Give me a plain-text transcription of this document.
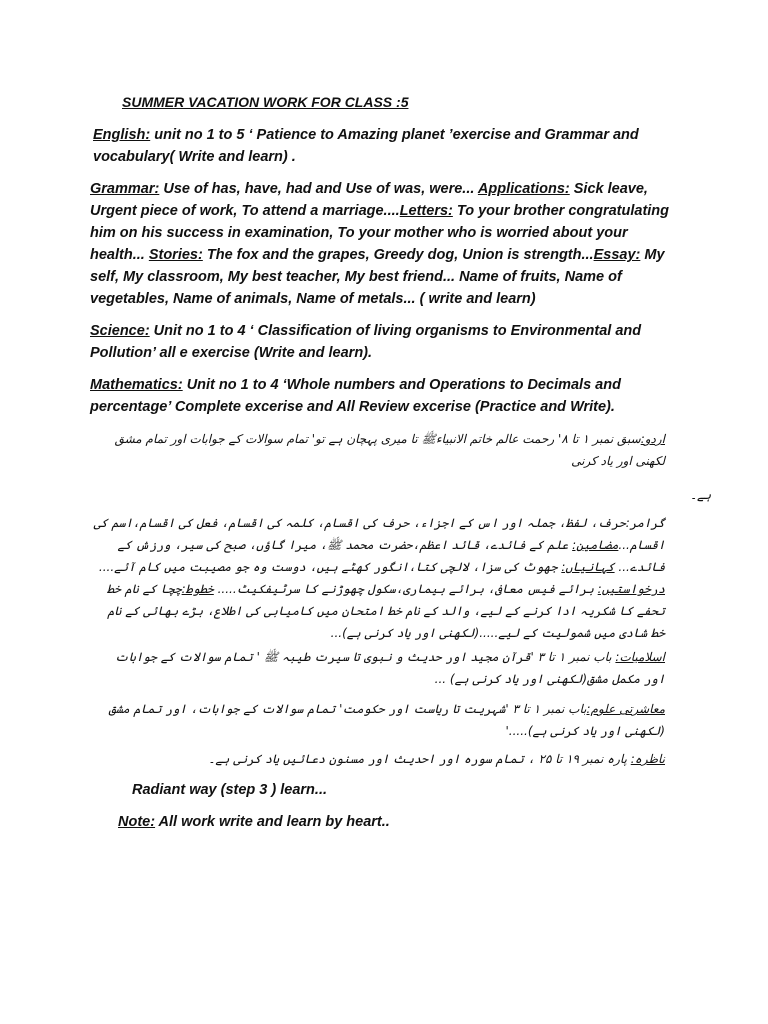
SUMMER VACATION WORK FOR CLASS :5
English: unit no 1 to 5 ‘ Patience to Amazing planet ’exercise and Grammar and vocabulary( Write and learn) .
Grammar: Use of has, have, had and Use of was, were... Applications: Sick leave, Urgent piece of work, To attend a marriage....Letters: To your brother congratulating him on his success in examination, To your mother who is worried about your health... Stories: The fox and the grapes, Greedy dog, Union is strength...Essay: My self, My classroom, My best teacher, My best friend... Name of fruits, Name of vegetables, Name of animals, Name of metals... ( write and learn)
Science: Unit no 1 to 4 ‘ Classification of living organisms to Environmental and Pollution’ all e exercise (Write and learn).
Mathematics: Unit no 1 to 4 ‘Whole numbers and Operations to Decimals and percentage’ Complete excerise and All Review excerise (Practice and Write).
اردو:سبق نمبر ۱ تا ۸' رحمت عالم خاتم الانبیاءﷺ تا میری پہچان ہے تو' تمام سوالات کے جوابات اور تمام مشق لکھنی اور یاد کرنی
ہے۔
گرامر:حرف، لفظ، جملہ اور اس کے اجزاء، حرف کی اقسام، کلمہ کی اقسام، فعل کی اقسام،اسم کی اقسام...مضامین: علم کے فائدے، قائد اعظم،حضرت محمد ﷺ، میرا گاؤں، صبح کی سیر، ورزش کے فائدے... کہانیاں: جھوٹ کی سزا، لالچی کتا،انگور کھٹے ہیں، دوست وہ جو مصیبت میں کام آئے.... درخواستیں: برائے فیس معافی، برائے بیماری،سکول چھوڑنے کا سرٹیفکیٹ..... خطوط:چچا کے نام خط تحفے کا شکریہ ادا کرنے کے لیے، والد کے نام خط امتحان میں کامیابی کی اطلاع، بڑے بھائی کے نام خط شادی میں شمولیت کے لیے.....(لکھنی اور یاد کرنی ہے)...
اسلامیات: باب نمبر ۱ تا ۳ 'قرآن مجید اور حدیث و نبوی تا سیرت طیبہ ﷺ ' تمام سوالات کے جوابات اور مکمل مشق(لکھنی اور یاد کرنی ہے) ...
معاشرتی علوم:باب نمبر ۱ تا ۳ 'شہریت تا ریاست اور حکومت' تمام سوالات کے جوابات، اور تمام مشق (لکھنی اور یاد کرنی ہے).....'
ناظرہ: پارہ نمبر ۱۹ تا ۲۵ ، تمام سورہ اور احدیث اور مسنون دعائیں یاد کرنی ہے۔
Radiant way (step 3 ) learn...
Note: All work write and learn by heart..
